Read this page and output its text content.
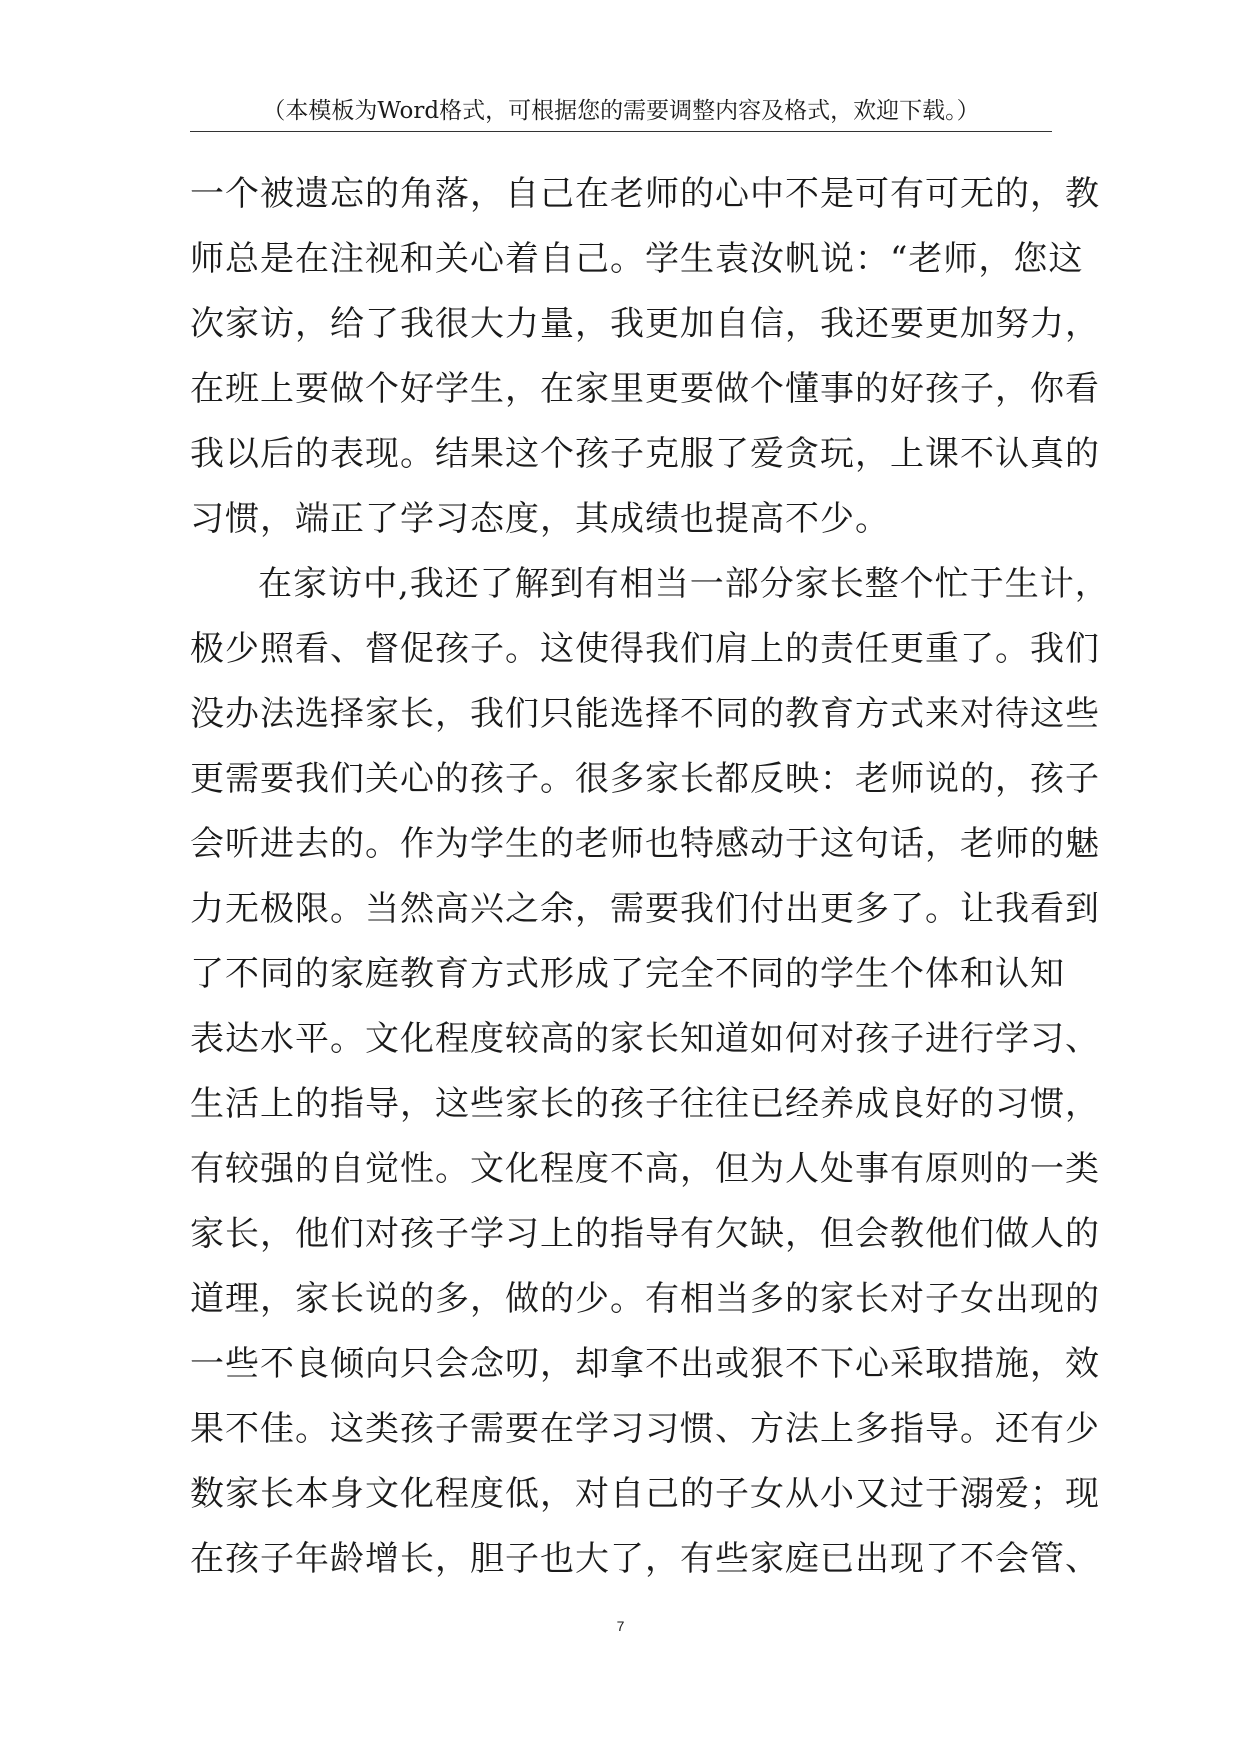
（本模板为Word格式，可根据您的需要调整内容及格式，欢迎下载。）
一个被遗忘的角落，自己在老师的心中不是可有可无的，教
师总是在注视和关心着自己。学生袁汝帆说：“老师，您这
次家访，给了我很大力量，我更加自信，我还要更加努力，
在班上要做个好学生，在家里更要做个懂事的好孩子，你看
我以后的表现。结果这个孩子克服了爱贪玩，上课不认真的
习惯，端正了学习态度，其成绩也提高不少。
在家访中,我还了解到有相当一部分家长整个忙于生计，
极少照看、督促孩子。这使得我们肩上的责任更重了。我们
没办法选择家长，我们只能选择不同的教育方式来对待这些
更需要我们关心的孩子。很多家长都反映：老师说的，孩子
会听进去的。作为学生的老师也特感动于这句话，老师的魅
力无极限。当然高兴之余，需要我们付出更多了。让我看到
了不同的家庭教育方式形成了完全不同的学生个体和认知
表达水平。文化程度较高的家长知道如何对孩子进行学习、
生活上的指导，这些家长的孩子往往已经养成良好的习惯，
有较强的自觉性。文化程度不高，但为人处事有原则的一类
家长，他们对孩子学习上的指导有欠缺，但会教他们做人的
道理，家长说的多，做的少。有相当多的家长对子女出现的
一些不良倾向只会念叨，却拿不出或狠不下心采取措施，效
果不佳。这类孩子需要在学习习惯、方法上多指导。还有少
数家长本身文化程度低，对自己的子女从小又过于溺爱；现
在孩子年龄增长，胆子也大了，有些家庭已出现了不会管、
7
